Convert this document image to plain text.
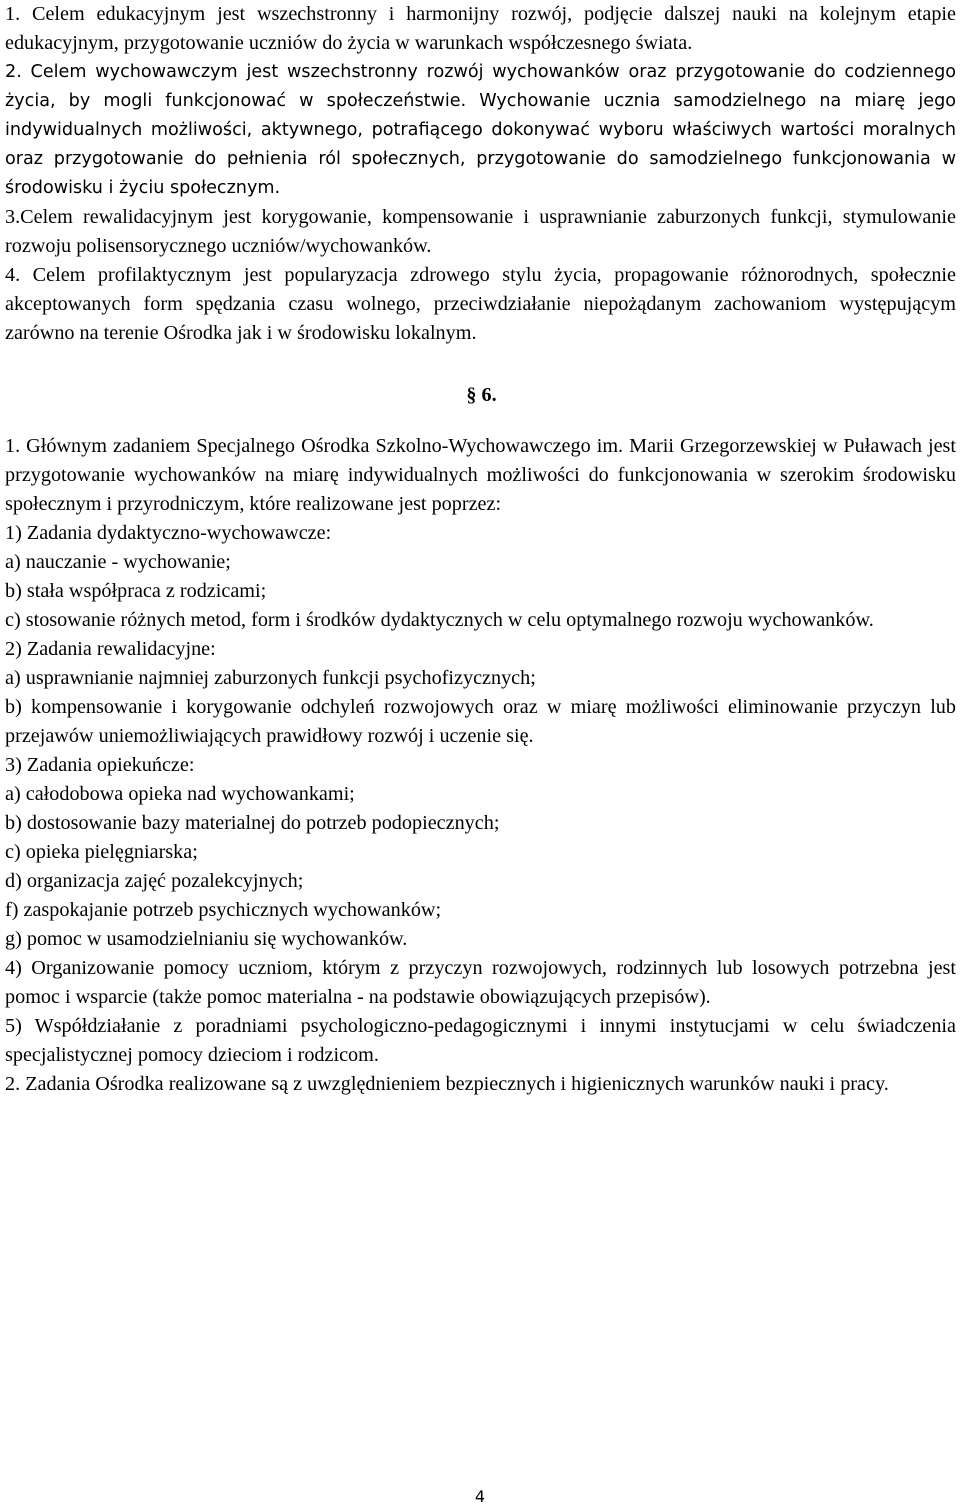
1. Celem edukacyjnym jest wszechstronny i harmonijny rozwój, podjęcie dalszej nauki na kolejnym etapie edukacyjnym, przygotowanie uczniów do życia w warunkach współczesnego świata.

2. Celem wychowawczym jest wszechstronny rozwój wychowanków oraz przygotowanie do codziennego życia, by mogli funkcjonować w społeczeństwie. Wychowanie ucznia samodzielnego na miarę jego indywidualnych możliwości, aktywnego, potrafiącego dokonywać wyboru właściwych wartości moralnych oraz przygotowanie do pełnienia ról społecznych, przygotowanie do samodzielnego funkcjonowania w środowisku i życiu społecznym.

3.Celem rewalidacyjnym jest korygowanie, kompensowanie i usprawnianie zaburzonych funkcji, stymulowanie rozwoju polisensorycznego uczniów/wychowanków.

4. Celem profilaktycznym jest popularyzacja zdrowego stylu życia, propagowanie różnorodnych, społecznie akceptowanych form spędzania czasu wolnego, przeciwdziałanie niepożądanym zachowaniom występującym zarówno na terenie Ośrodka jak i w środowisku lokalnym.

§ 6.

1. Głównym zadaniem Specjalnego Ośrodka Szkolno-Wychowawczego im. Marii Grzegorzewskiej w Puławach jest przygotowanie wychowanków na miarę indywidualnych możliwości do funkcjonowania w szerokim środowisku społecznym i przyrodniczym, które realizowane jest poprzez:

1) Zadania dydaktyczno-wychowawcze:

a) nauczanie - wychowanie;

b) stała współpraca z rodzicami;

c) stosowanie różnych metod, form i środków dydaktycznych w celu optymalnego rozwoju wychowanków.

2) Zadania rewalidacyjne:

a) usprawnianie najmniej zaburzonych funkcji psychofizycznych;

b) kompensowanie i korygowanie odchyleń rozwojowych oraz w miarę możliwości eliminowanie przyczyn lub przejawów uniemożliwiających prawidłowy rozwój i uczenie się.

3) Zadania opiekuńcze:

a) całodobowa opieka nad wychowankami;

b) dostosowanie bazy materialnej do potrzeb podopiecznych;

c) opieka pielęgniarska;

d) organizacja zajęć pozalekcyjnych;

f) zaspokajanie potrzeb psychicznych wychowanków;

g) pomoc w usamodzielnianiu się wychowanków.

4) Organizowanie pomocy uczniom, którym z przyczyn rozwojowych, rodzinnych lub losowych potrzebna jest pomoc i wsparcie (także pomoc materialna - na podstawie obowiązujących przepisów).

5) Współdziałanie z poradniami psychologiczno-pedagogicznymi i innymi instytucjami w celu świadczenia specjalistycznej pomocy dzieciom i rodzicom.

2. Zadania Ośrodka realizowane są z uwzględnieniem bezpiecznych i higienicznych warunków nauki i pracy.

4
